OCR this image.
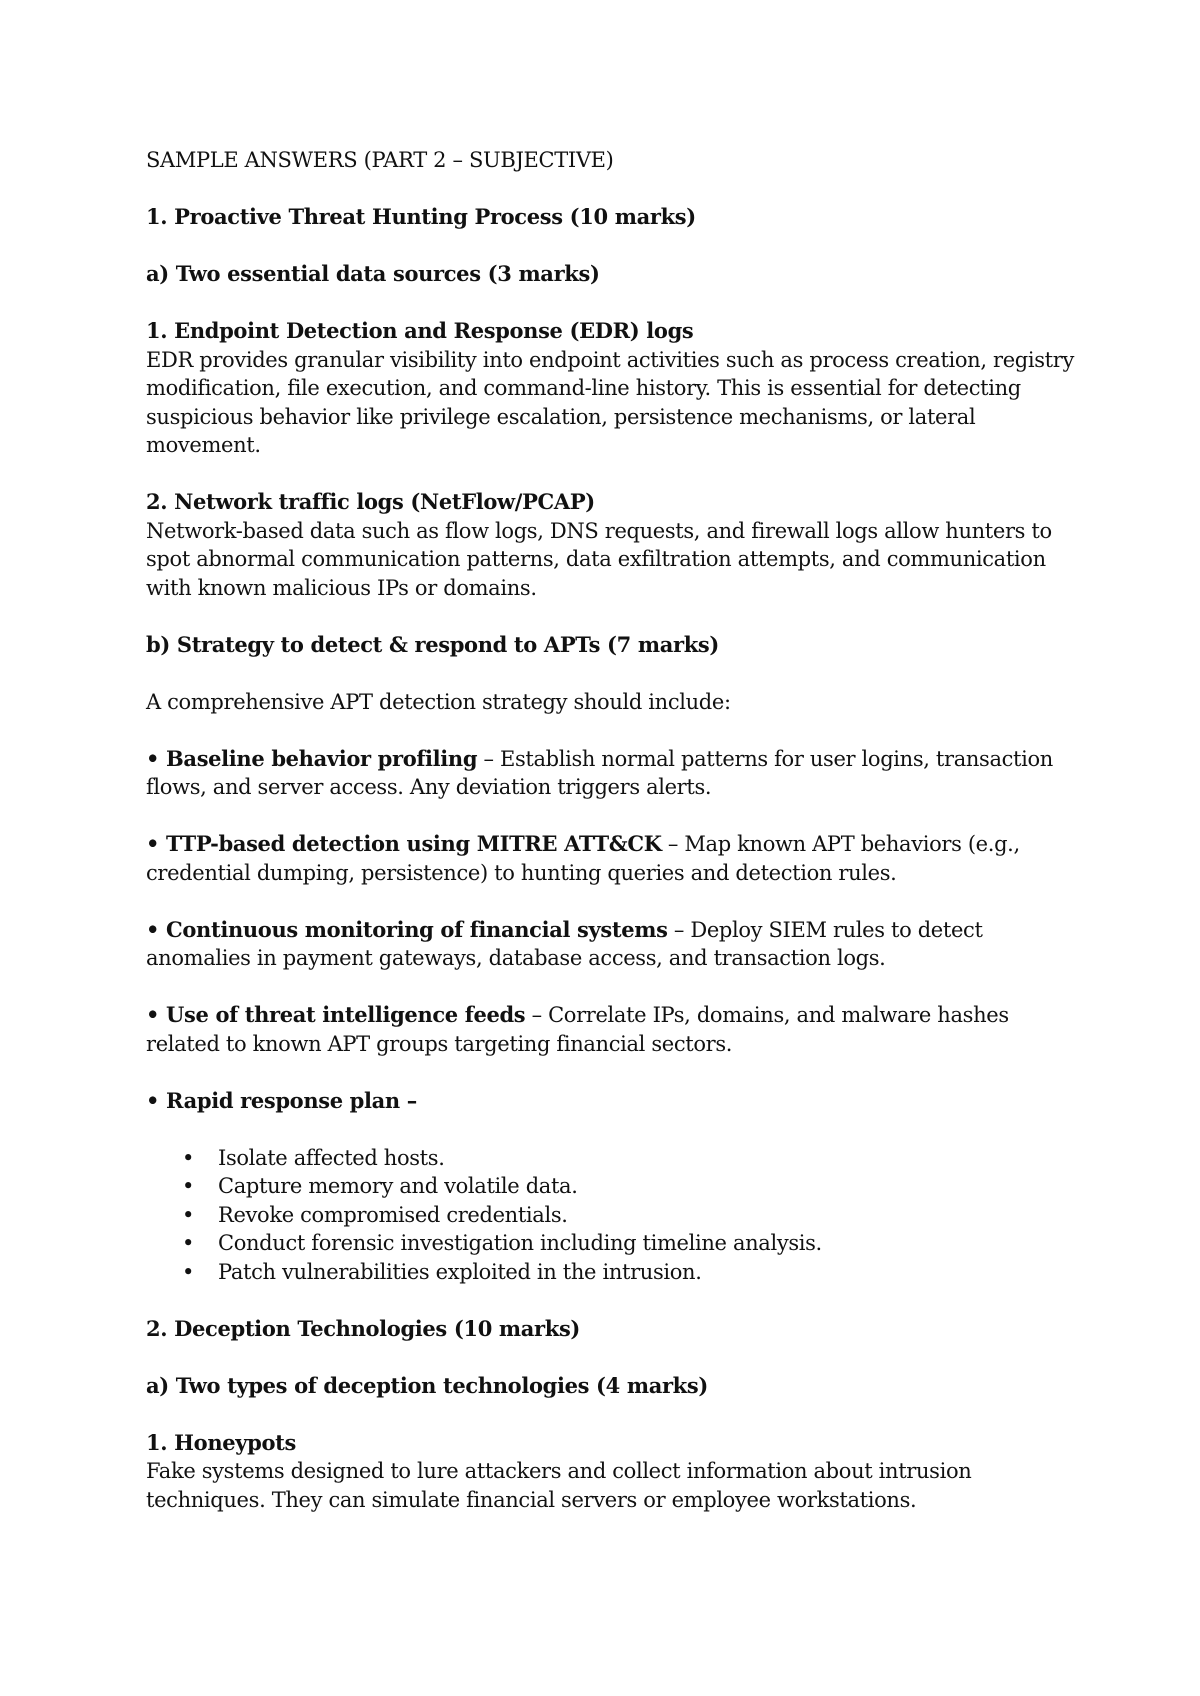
SAMPLE ANSWERS (PART 2 – SUBJECTIVE)

1. Proactive Threat Hunting Process (10 marks)

a) Two essential data sources (3 marks)

1. Endpoint Detection and Response (EDR) logs
EDR provides granular visibility into endpoint activities such as process creation, registry modification, file execution, and command-line history. This is essential for detecting suspicious behavior like privilege escalation, persistence mechanisms, or lateral movement.

2. Network traffic logs (NetFlow/PCAP)
Network-based data such as flow logs, DNS requests, and firewall logs allow hunters to spot abnormal communication patterns, data exfiltration attempts, and communication with known malicious IPs or domains.

b) Strategy to detect & respond to APTs (7 marks)

A comprehensive APT detection strategy should include:

• Baseline behavior profiling – Establish normal patterns for user logins, transaction flows, and server access. Any deviation triggers alerts.

• TTP-based detection using MITRE ATT&CK – Map known APT behaviors (e.g., credential dumping, persistence) to hunting queries and detection rules.

• Continuous monitoring of financial systems – Deploy SIEM rules to detect anomalies in payment gateways, database access, and transaction logs.

• Use of threat intelligence feeds – Correlate IPs, domains, and malware hashes related to known APT groups targeting financial sectors.

• Rapid response plan –

• Isolate affected hosts.
• Capture memory and volatile data.
• Revoke compromised credentials.
• Conduct forensic investigation including timeline analysis.
• Patch vulnerabilities exploited in the intrusion.

2. Deception Technologies (10 marks)

a) Two types of deception technologies (4 marks)

1. Honeypots
Fake systems designed to lure attackers and collect information about intrusion techniques. They can simulate financial servers or employee workstations.
